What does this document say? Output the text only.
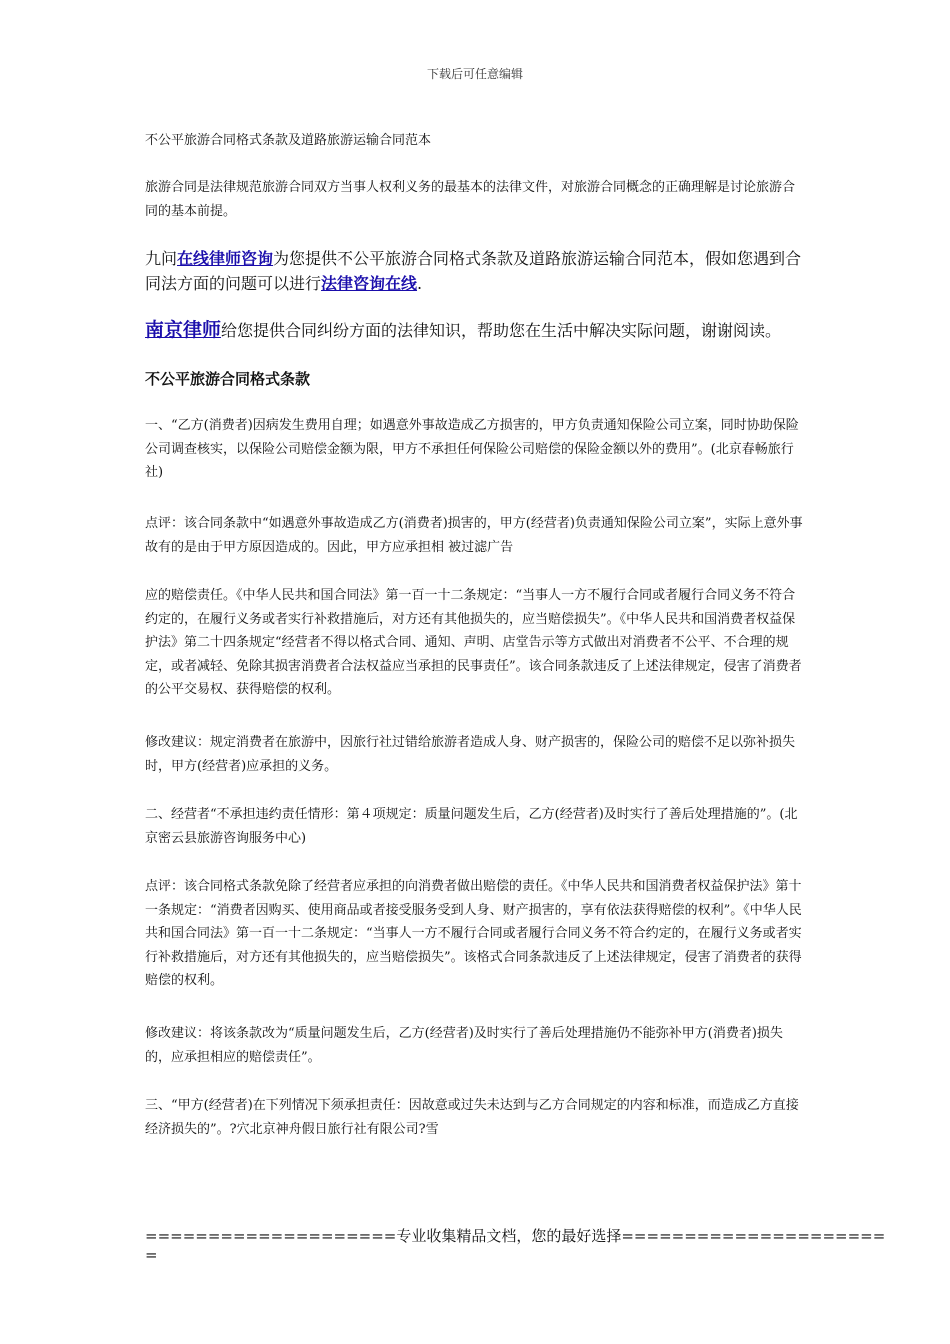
下载后可任意编辑

不公平旅游合同格式条款及道路旅游运输合同范本

旅游合同是法律规范旅游合同双方当事人权利义务的最基本的法律文件，对旅游合同概念的正确理解是讨论旅游合同的基本前提。

九问在线律师咨询为您提供不公平旅游合同格式条款及道路旅游运输合同范本，假如您遇到合同法方面的问题可以进行法律咨询在线.

南京律师给您提供合同纠纷方面的法律知识，帮助您在生活中解决实际问题，谢谢阅读。

不公平旅游合同格式条款

一、“乙方(消费者)因病发生费用自理；如遇意外事故造成乙方损害的，甲方负责通知保险公司立案，同时协助保险公司调查核实，以保险公司赔偿金额为限，甲方不承担任何保险公司赔偿的保险金额以外的费用”。(北京春畅旅行社)

点评：该合同条款中“如遇意外事故造成乙方(消费者)损害的，甲方(经营者)负责通知保险公司立案”，实际上意外事故有的是由于甲方原因造成的。因此，甲方应承担相 被过滤广告

应的赔偿责任。《中华人民共和国合同法》第一百一十二条规定：“当事人一方不履行合同或者履行合同义务不符合约定的，在履行义务或者实行补救措施后，对方还有其他损失的，应当赔偿损失”。《中华人民共和国消费者权益保护法》第二十四条规定“经营者不得以格式合同、通知、声明、店堂告示等方式做出对消费者不公平、不合理的规定，或者减轻、免除其损害消费者合法权益应当承担的民事责任”。该合同条款违反了上述法律规定，侵害了消费者的公平交易权、获得赔偿的权利。

修改建议：规定消费者在旅游中，因旅行社过错给旅游者造成人身、财产损害的，保险公司的赔偿不足以弥补损失时，甲方(经营者)应承担的义务。

二、经营者“不承担违约责任情形：第４项规定：质量问题发生后，乙方(经营者)及时实行了善后处理措施的”。(北京密云县旅游咨询服务中心)

点评：该合同格式条款免除了经营者应承担的向消费者做出赔偿的责任。《中华人民共和国消费者权益保护法》第十一条规定：“消费者因购买、使用商品或者接受服务受到人身、财产损害的，享有依法获得赔偿的权利”。《中华人民共和国合同法》第一百一十二条规定：“当事人一方不履行合同或者履行合同义务不符合约定的，在履行义务或者实行补救措施后，对方还有其他损失的，应当赔偿损失”。该格式合同条款违反了上述法律规定，侵害了消费者的获得赔偿的权利。

修改建议：将该条款改为“质量问题发生后，乙方(经营者)及时实行了善后处理措施仍不能弥补甲方(消费者)损失的，应承担相应的赔偿责任”。

三、“甲方(经营者)在下列情况下须承担责任：因故意或过失未达到与乙方合同规定的内容和标准，而造成乙方直接经济损失的”。?穴北京神舟假日旅行社有限公司?雪

====================专业收集精品文档，您的最好选择=====================
=
